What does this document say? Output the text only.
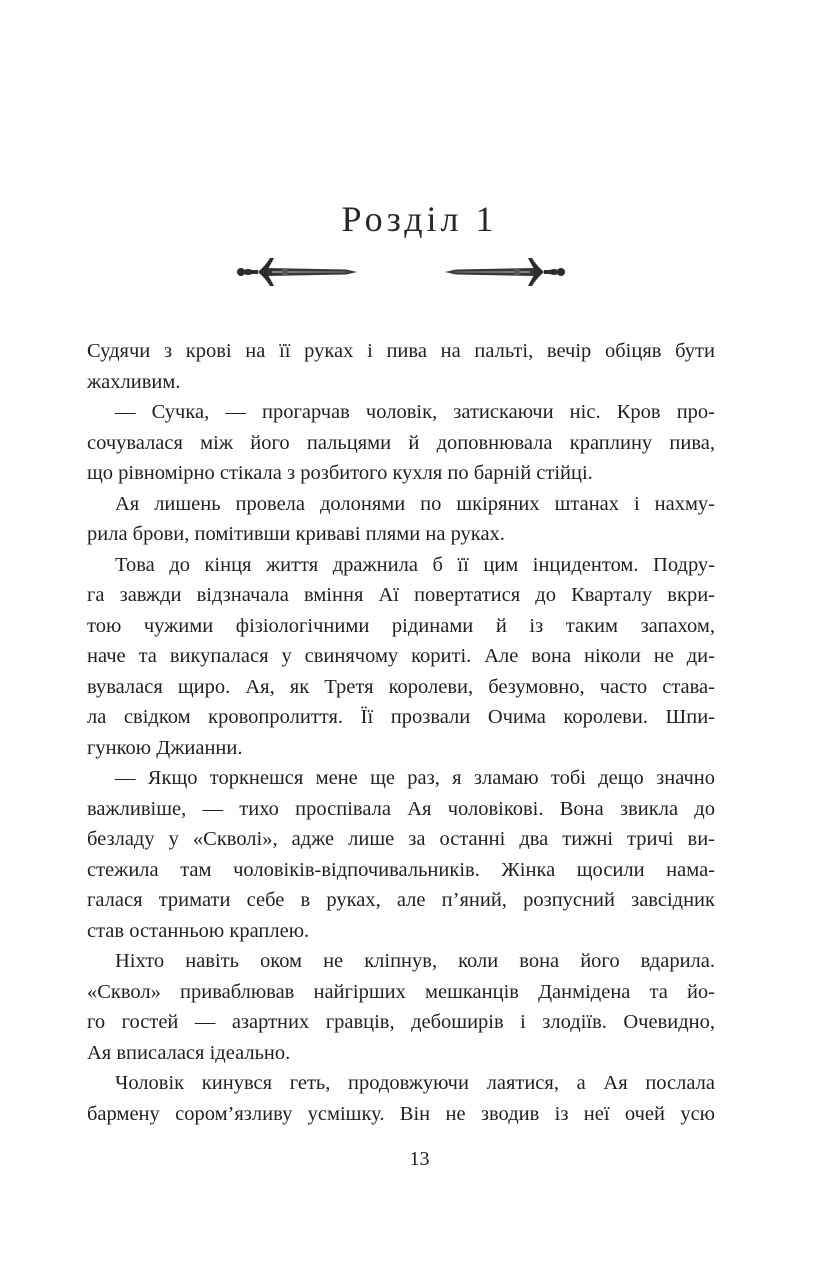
Розділ 1
Судячи з крові на її руках і пива на пальті, вечір обіцяв бути
жахливим.
— Сучка, — прогарчав чоловік, затискаючи ніс. Кров про-
сочувалася між його пальцями й доповнювала краплину пива,
що рівномірно стікала з розбитого кухля по барній стійці.
Ая лишень провела долонями по шкіряних штанах і нахму-
рила брови, помітивши криваві плями на руках.
Това до кінця життя дражнила б її цим інцидентом. Подру-
га завжди відзначала вміння Аї повертатися до Кварталу вкри-
тою чужими фізіологічними рідинами й із таким запахом,
наче та викупалася у свинячому кориті. Але вона ніколи не ди-
вувалася щиро. Ая, як Третя королеви, безумовно, часто става-
ла свідком кровопролиття. Її прозвали Очима королеви. Шпи-
гункою Джианни.
— Якщо торкнешся мене ще раз, я зламаю тобі дещо значно
важливіше, — тихо проспівала Ая чоловікові. Вона звикла до
безладу у «Скволі», адже лише за останні два тижні тричі ви-
стежила там чоловіків-відпочивальників. Жінка щосили нама-
галася тримати себе в руках, але п’яний, розпусний завсідник
став останньою краплею.
Ніхто навіть оком не кліпнув, коли вона його вдарила.
«Сквол» приваблював найгірших мешканців Данмідена та йо-
го гостей — азартних гравців, дебоширів і злодіїв. Очевидно,
Ая вписалася ідеально.
Чоловік кинувся геть, продовжуючи лаятися, а Ая послала
бармену сором’язливу усмішку. Він не зводив із неї очей усю
13
